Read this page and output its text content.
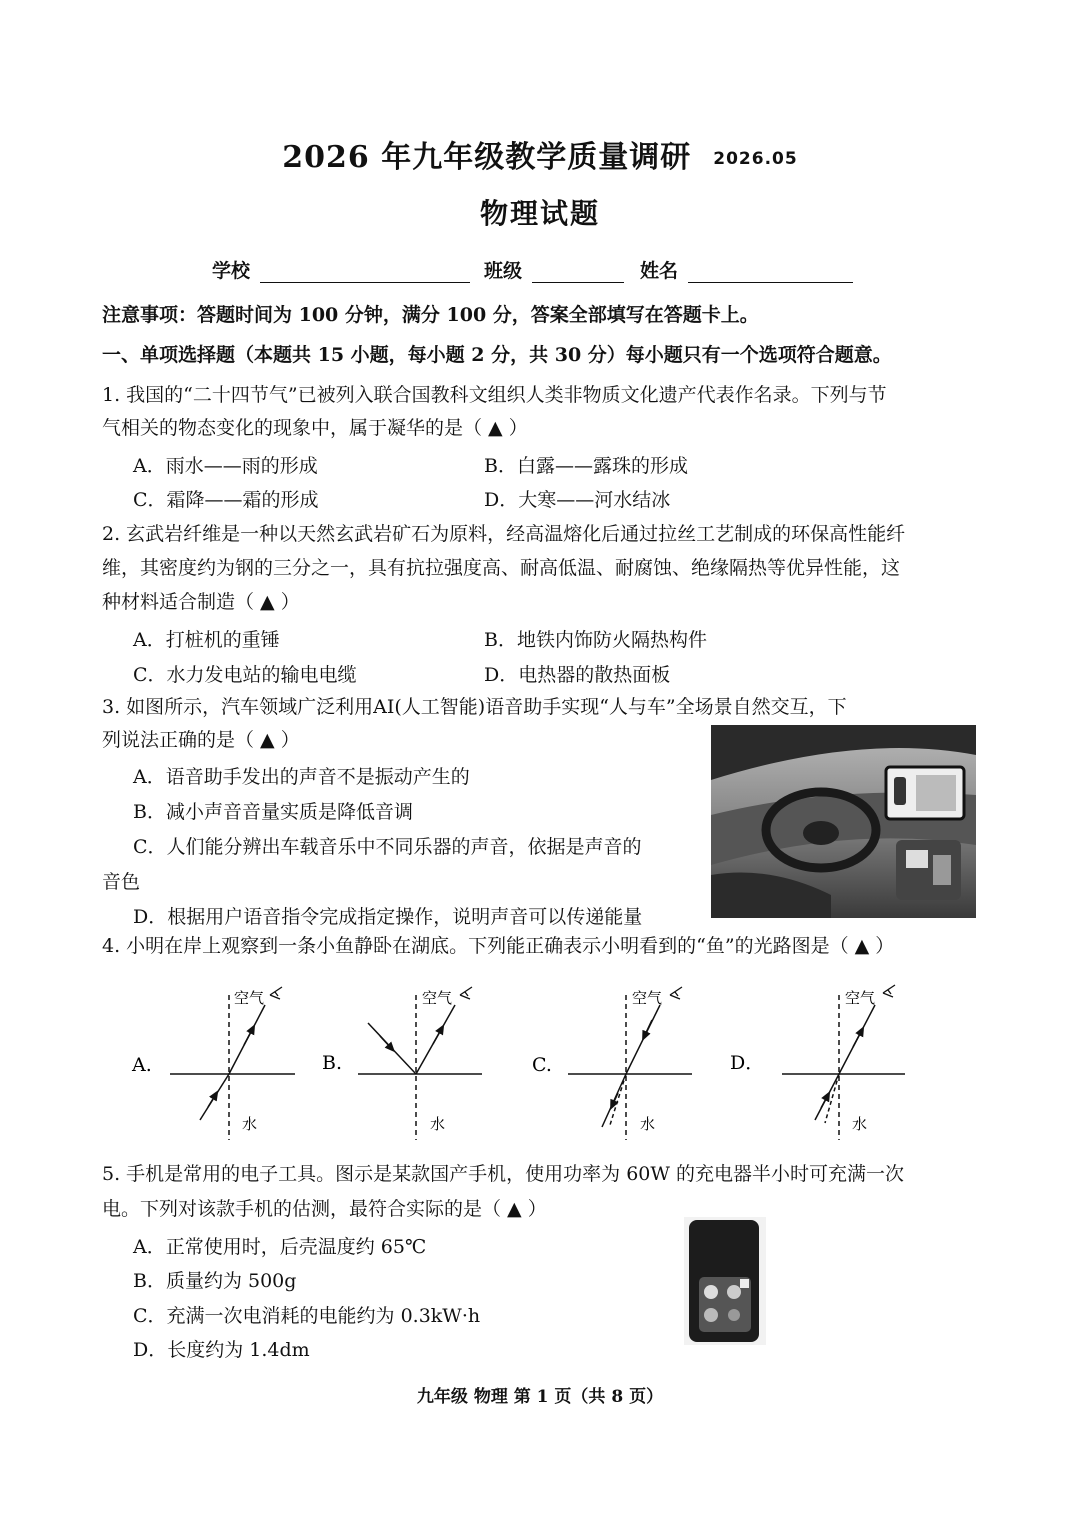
2026 年九年级教学质量调研 2026.05
物理试题
学校	班级	姓名
注意事项：答题时间为 100 分钟，满分 100 分，答案全部填写在答题卡上。
一、单项选择题（本题共 15 小题，每小题 2 分，共 30 分）每小题只有一个选项符合题意。
1. 我国的“二十四节气”已被列入联合国教科文组织人类非物质文化遗产代表作名录。下列与节
气相关的物态变化的现象中，属于凝华的是（ ▲ ）
A．雨水——雨的形成	B．白露——露珠的形成
C．霜降——霜的形成	D．大寒——河水结冰
2. 玄武岩纤维是一种以天然玄武岩矿石为原料，经高温熔化后通过拉丝工艺制成的环保高性能纤
维，其密度约为钢的三分之一，具有抗拉强度高、耐高低温、耐腐蚀、绝缘隔热等优异性能，这
种材料适合制造（ ▲ ）
A．打桩机的重锤	B．地铁内饰防火隔热构件
C．水力发电站的输电电缆	D．电热器的散热面板
3. 如图所示，汽车领域广泛利用AI(人工智能)语音助手实现“人与车”全场景自然交互，下
列说法正确的是（ ▲ ）
A．语音助手发出的声音不是振动产生的
B．减小声音音量实质是降低音调
C．人们能分辨出车载音乐中不同乐器的声音，依据是声音的
音色
D．根据用户语音指令完成指定操作，说明声音可以传递能量
4. 小明在岸上观察到一条小鱼静卧在湖底。下列能正确表示小明看到的“鱼”的光路图是（ ▲ ）
空气	空气	空气	空气
水	水	水	水
A.	B.	C.	D．
5. 手机是常用的电子工具。图示是某款国产手机，使用功率为 60W 的充电器半小时可充满一次
电。下列对该款手机的估测，最符合实际的是（ ▲ ）
A．正常使用时，后壳温度约 65℃
B．质量约为 500g
C．充满一次电消耗的电能约为 0.3kW·h
D．长度约为 1.4dm
九年级 物理 第 1 页（共 8 页）
